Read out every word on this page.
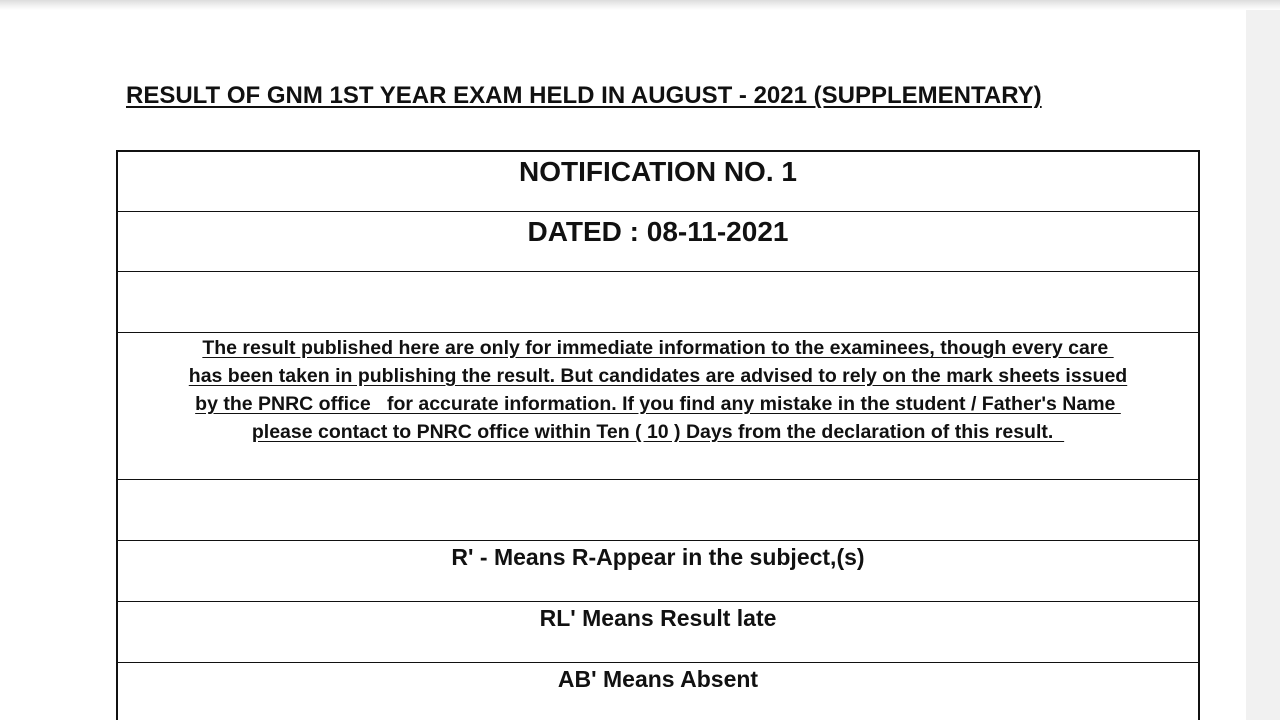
RESULT OF GNM 1ST YEAR EXAM HELD IN AUGUST - 2021 (SUPPLEMENTARY)
NOTIFICATION NO. 1
DATED : 08-11-2021
The result published here are only for immediate information to the examinees, though every care
has been taken in publishing the result. But candidates are advised to rely on the mark sheets issued
by the PNRC office   for accurate information. If you find any mistake in the student / Father's Name
please contact to PNRC office within Ten ( 10 ) Days from the declaration of this result.
R' - Means R-Appear in the subject,(s)
RL' Means Result late
AB' Means Absent
